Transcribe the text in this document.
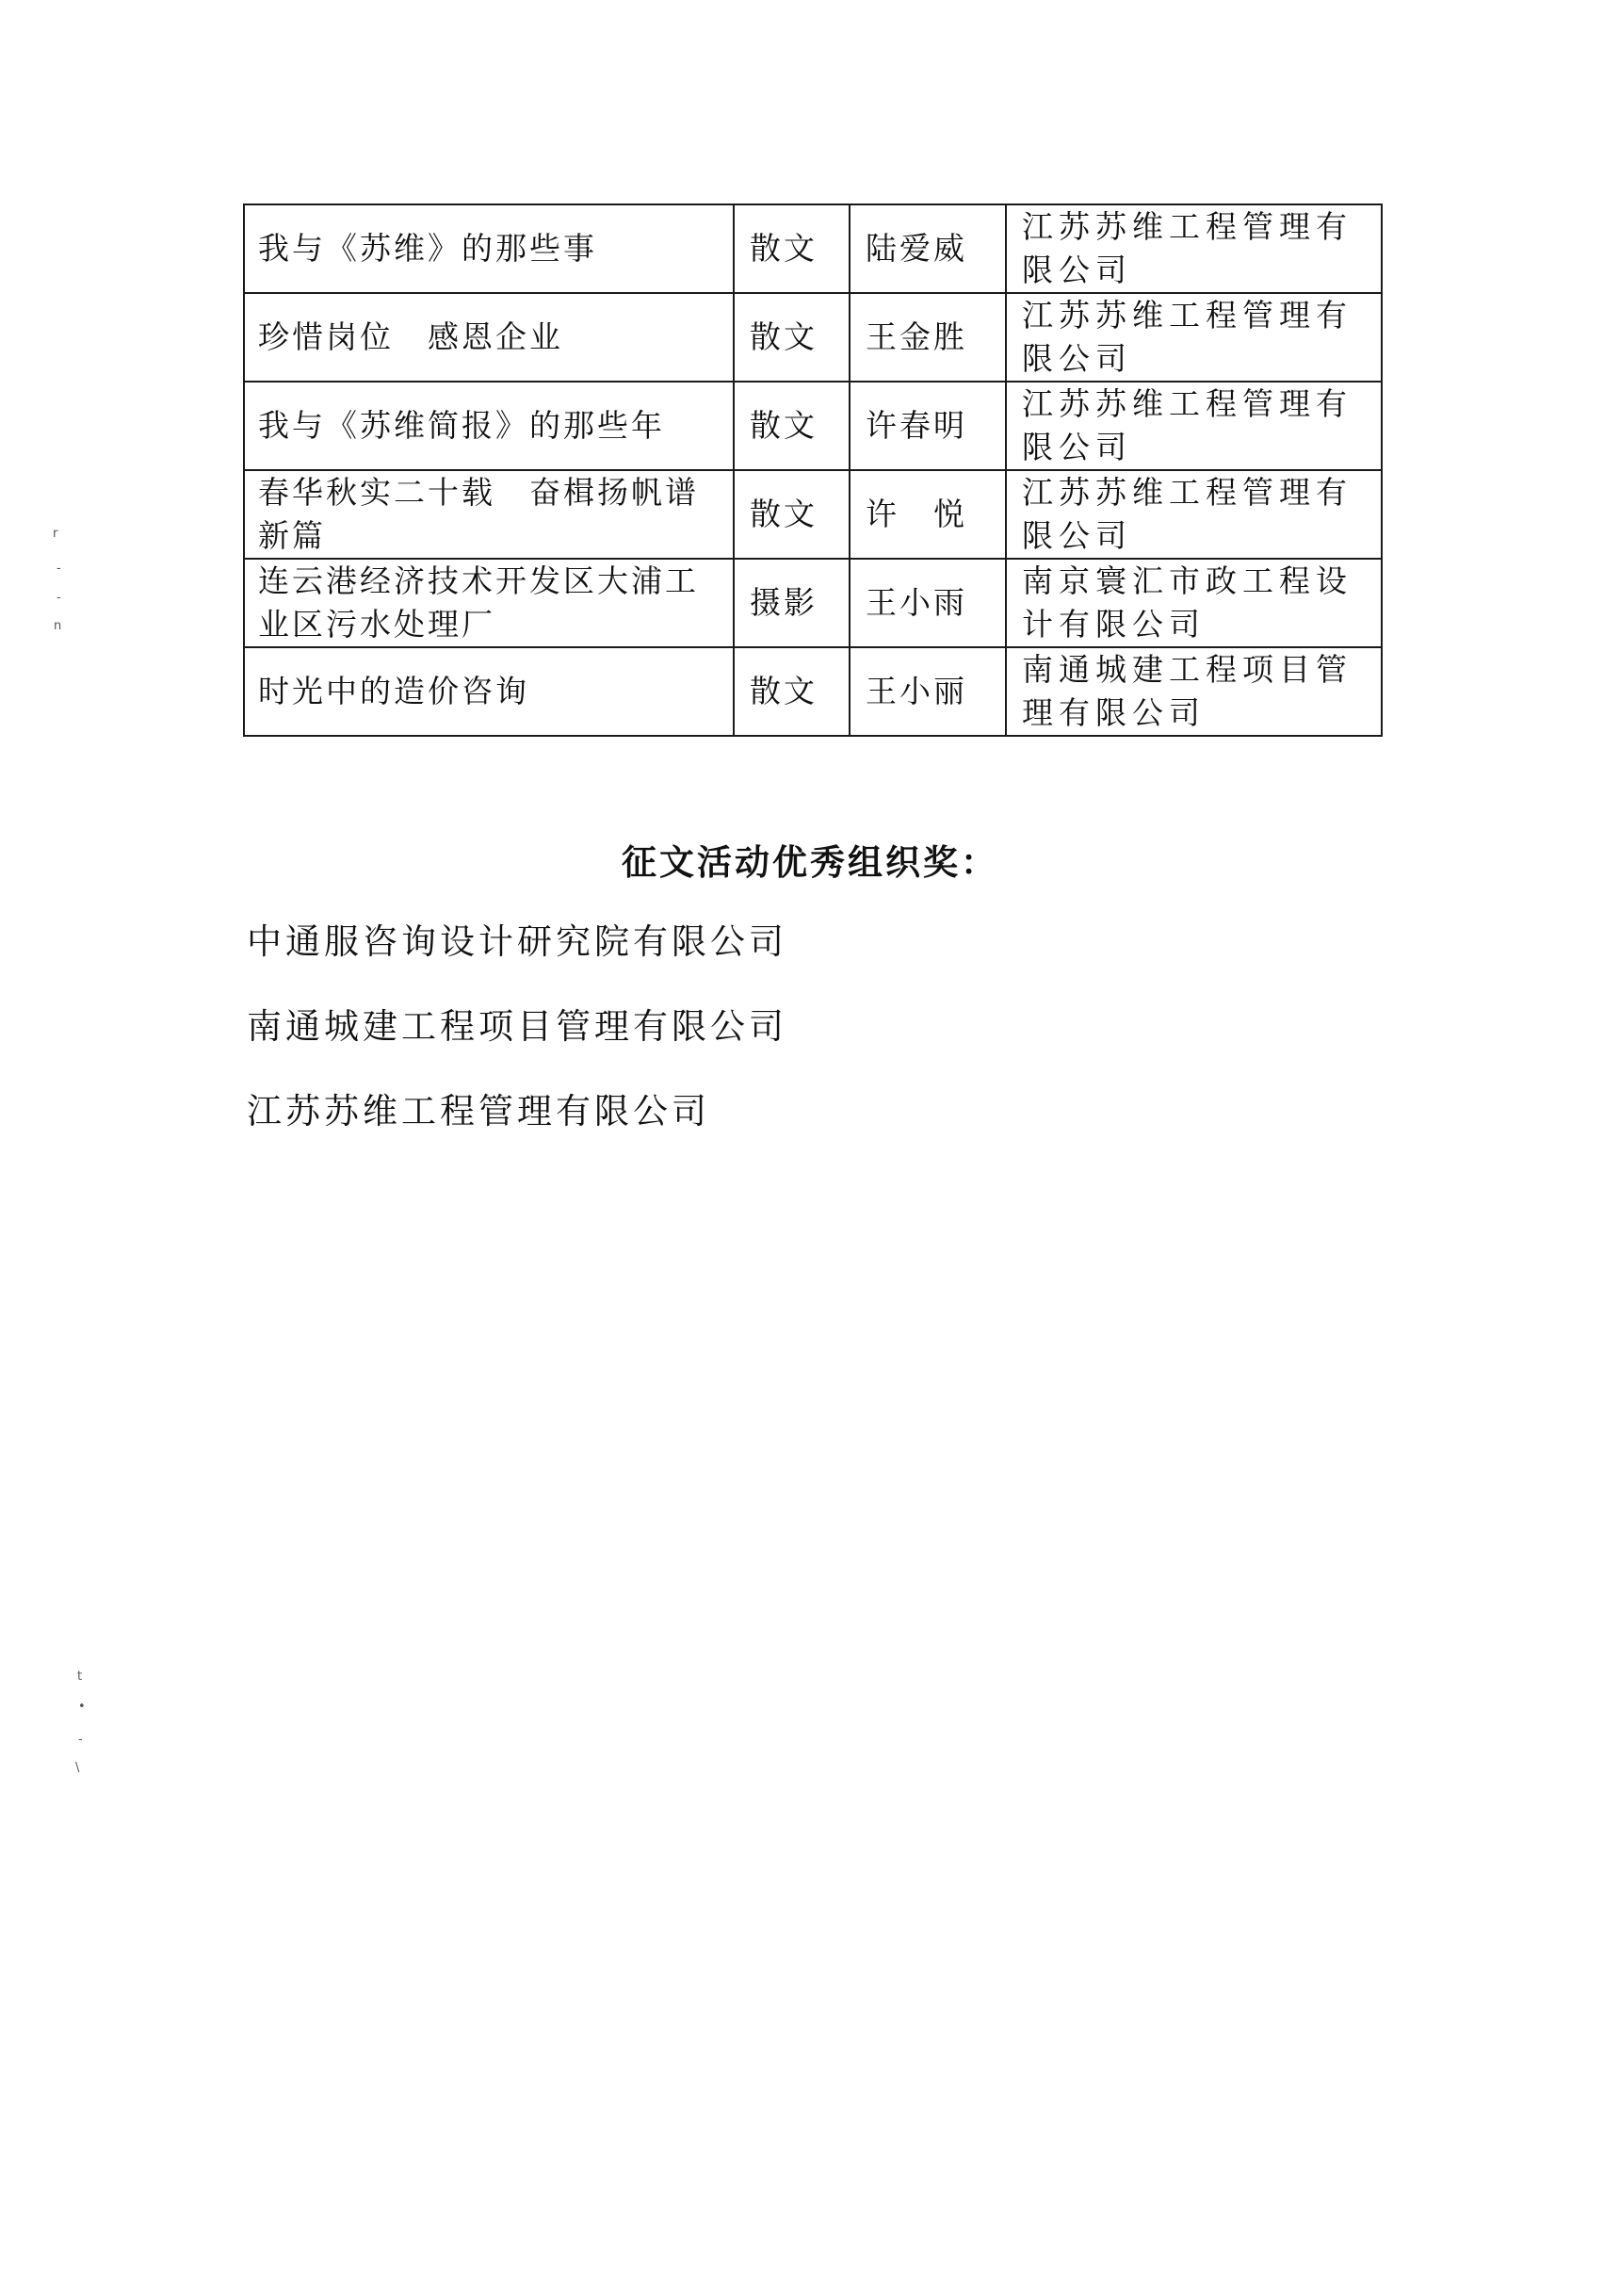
我与《苏维》的那些事	散文	陆爱威	江苏苏维工程管理有限公司
珍惜岗位　感恩企业	散文	王金胜	江苏苏维工程管理有限公司
我与《苏维简报》的那些年	散文	许春明	江苏苏维工程管理有限公司
春华秋实二十载　奋楫扬帆谱新篇	散文	许　悦	江苏苏维工程管理有限公司
连云港经济技术开发区大浦工业区污水处理厂	摄影	王小雨	南京寰汇市政工程设计有限公司
时光中的造价咨询	散文	王小丽	南通城建工程项目管理有限公司
征文活动优秀组织奖：
中通服咨询设计研究院有限公司
南通城建工程项目管理有限公司
江苏苏维工程管理有限公司
r
-
-
n
t
•
-
\
